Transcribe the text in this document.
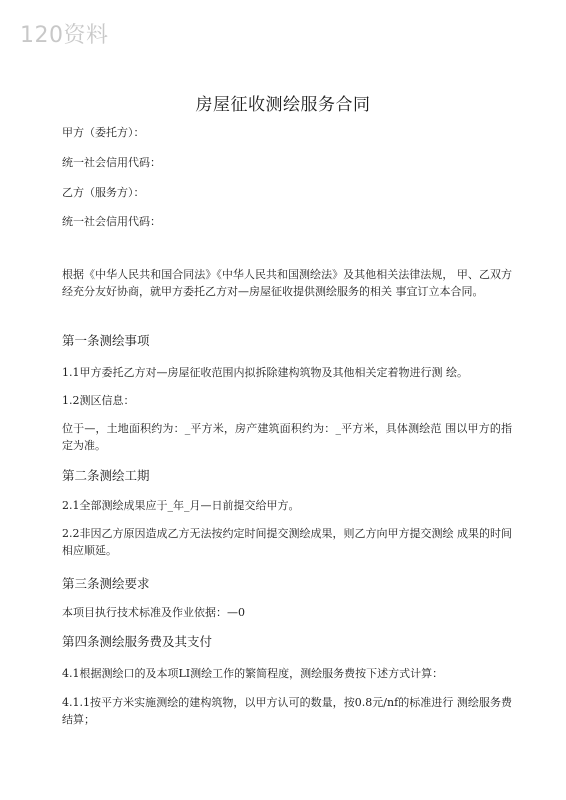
120资料
房屋征收测绘服务合同
甲方（委托方）：
统一社会信用代码：
乙方（服务方）：
统一社会信用代码：
根据《中华人民共和国合同法》《中华人民共和国测绘法》及其他相关法律法规， 甲、乙双方经充分友好协商，就甲方委托乙方对—房屋征收提供测绘服务的相关 事宜订立本合同。
第一条测绘事项
1.1甲方委托乙方对—房屋征收范围内拟拆除建构筑物及其他相关定着物进行测 绘。
1.2测区信息：
位于—，土地面积约为：_平方米，房产建筑面积约为：_平方米，具体测绘范 围以甲方的指定为准。
第二条测绘工期
2.1全部测绘成果应于_年_月—日前提交给甲方。
2.2非因乙方原因造成乙方无法按约定时间提交测绘成果，则乙方向甲方提交测绘 成果的时间相应顺延。
第三条测绘要求
本项目执行技术标准及作业依据：—0
第四条测绘服务费及其支付
4.1根据测绘口的及本项LI测绘工作的繁简程度，测绘服务费按下述方式计算：
4.1.1按平方米实施测绘的建构筑物，以甲方认可的数量，按0.8元/nf的标准进行 测绘服务费结算；
